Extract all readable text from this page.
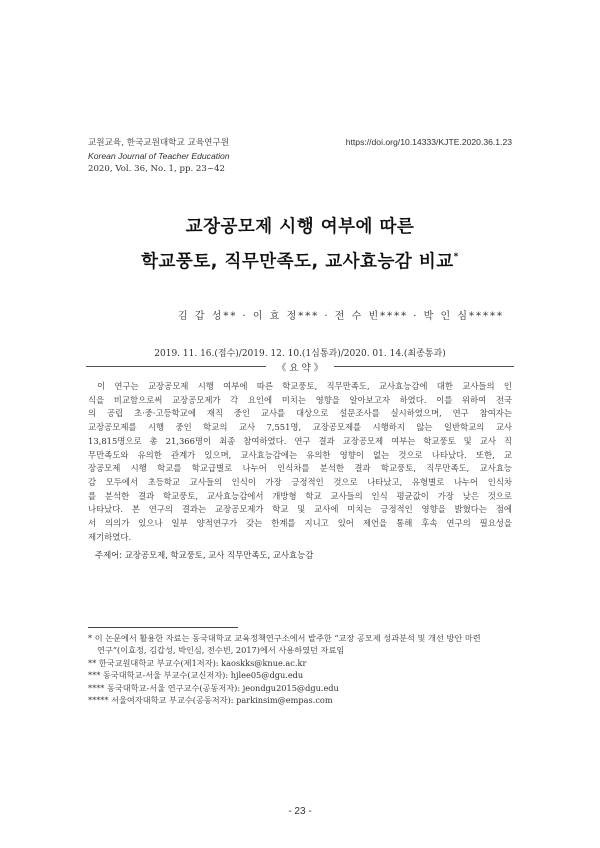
교원교육, 한국교원대학교 교육연구원
Korean Journal of Teacher Education
2020, Vol. 36, No. 1, pp. 23~42
https://doi.org/10.14333/KJTE.2020.36.1.23
교장공모제 시행 여부에 따른
학교풍토, 직무만족도, 교사효능감 비교*
김 갑 성** · 이 효 정*** · 전 수 빈**** · 박 인 심*****
2019. 11. 16.(접수)/2019. 12. 10.(1심통과)/2020. 01. 14.(최종통과)
《 요 약 》

이 연구는 교장공모제 시행 여부에 따른 학교풍토, 직무만족도, 교사효능감에 대한 교사들의 인
식을 비교함으로써 교장공모제가 각 요인에 미치는 영향을 알아보고자 하였다. 이를 위하여 전국
의 공립 초·중·고등학교에 재직 중인 교사를 대상으로 설문조사를 실시하였으며, 연구 참여자는
교장공모제를 시행 중인 학교의 교사 7,551명, 교장공모제를 시행하지 않는 일반학교의 교사
13,815명으로 총 21,366명이 최종 참여하였다. 연구 결과 교장공모제 여부는 학교풍토 및 교사 직
무만족도와 유의한 관계가 있으며, 교사효능감에는 유의한 영향이 없는 것으로 나타났다. 또한, 교
장공모제 시행 학교를 학교급별로 나누어 인식차를 분석한 결과 학교풍토, 직무만족도, 교사효능
감 모두에서 초등학교 교사들의 인식이 가장 긍정적인 것으로 나타났고, 유형별로 나누어 인식차
를 분석한 결과 학교풍토, 교사효능감에서 개방형 학교 교사들의 인식 평균값이 가장 낮은 것으로
나타났다. 본 연구의 결과는 교장공모제가 학교 및 교사에 미치는 긍정적인 영향을 밝혔다는 점에
서 의의가 있으나 일부 양적연구가 갖는 한계를 지니고 있어 제언을 통해 후속 연구의 필요성을
제기하였다.

주제어: 교장공모제, 학교풍토, 교사 직무만족도, 교사효능감
* 이 논문에서 활용한 자료는 동국대학교 교육정책연구소에서 발주한 “교장 공모제 성과분석 및 개선 방안 마련
연구”(이효정, 김갑성, 박인심, 전수빈, 2017)에서 사용하였던 자료임
** 한국교원대학교 부교수(제1저자): kaoskks@knue.ac.kr
*** 동국대학교-서울 부교수(교신저자): hjlee05@dgu.edu
**** 동국대학교-서울 연구교수(공동저자): jeondgu2015@dgu.edu
***** 서울여자대학교 부교수(공동저자): parkinsim@empas.com
- 23 -
